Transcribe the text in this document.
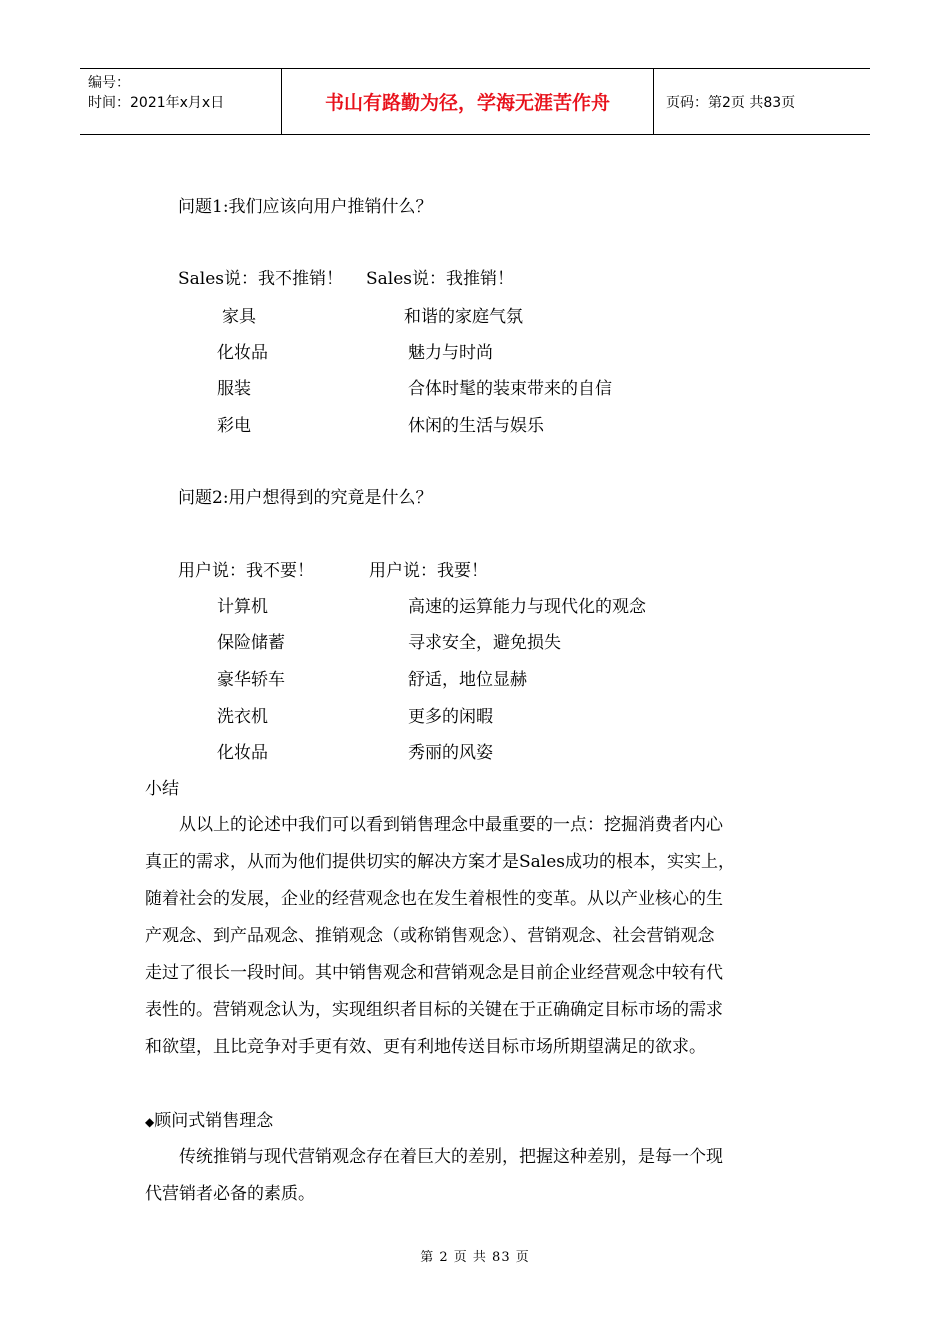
编号：
时间：2021年x月x日	书山有路勤为径，学海无涯苦作舟	页码：第2页 共83页
问题1:我们应该向用户推销什么？
Sales说：我不推销！ Sales说：我推销！
家具	和谐的家庭气氛
化妆品	魅力与时尚
服装	合体时髦的装束带来的自信
彩电	休闲的生活与娱乐
问题2:用户想得到的究竟是什么？
用户说：我不要！	用户说：我要！
计算机	高速的运算能力与现代化的观念
保险储蓄	寻求安全，避免损失
豪华轿车	舒适，地位显赫
洗衣机	更多的闲暇
化妆品	秀丽的风姿
小结

　　从以上的论述中我们可以看到销售理念中最重要的一点：挖掘消费者内心

真正的需求，从而为他们提供切实的解决方案才是Sales成功的根本，实实上，

随着社会的发展，企业的经营观念也在发生着根性的变革。从以产业核心的生

产观念、到产品观念、推销观念（或称销售观念）、营销观念、社会营销观念

走过了很长一段时间。其中销售观念和营销观念是目前企业经营观念中较有代

表性的。营销观念认为，实现组织者目标的关键在于正确确定目标市场的需求

和欲望，且比竞争对手更有效、更有利地传送目标市场所期望满足的欲求。

◆顾问式销售理念

　　传统推销与现代营销观念存在着巨大的差别，把握这种差别，是每一个现

代营销者必备的素质。

第 2 页 共 83 页
